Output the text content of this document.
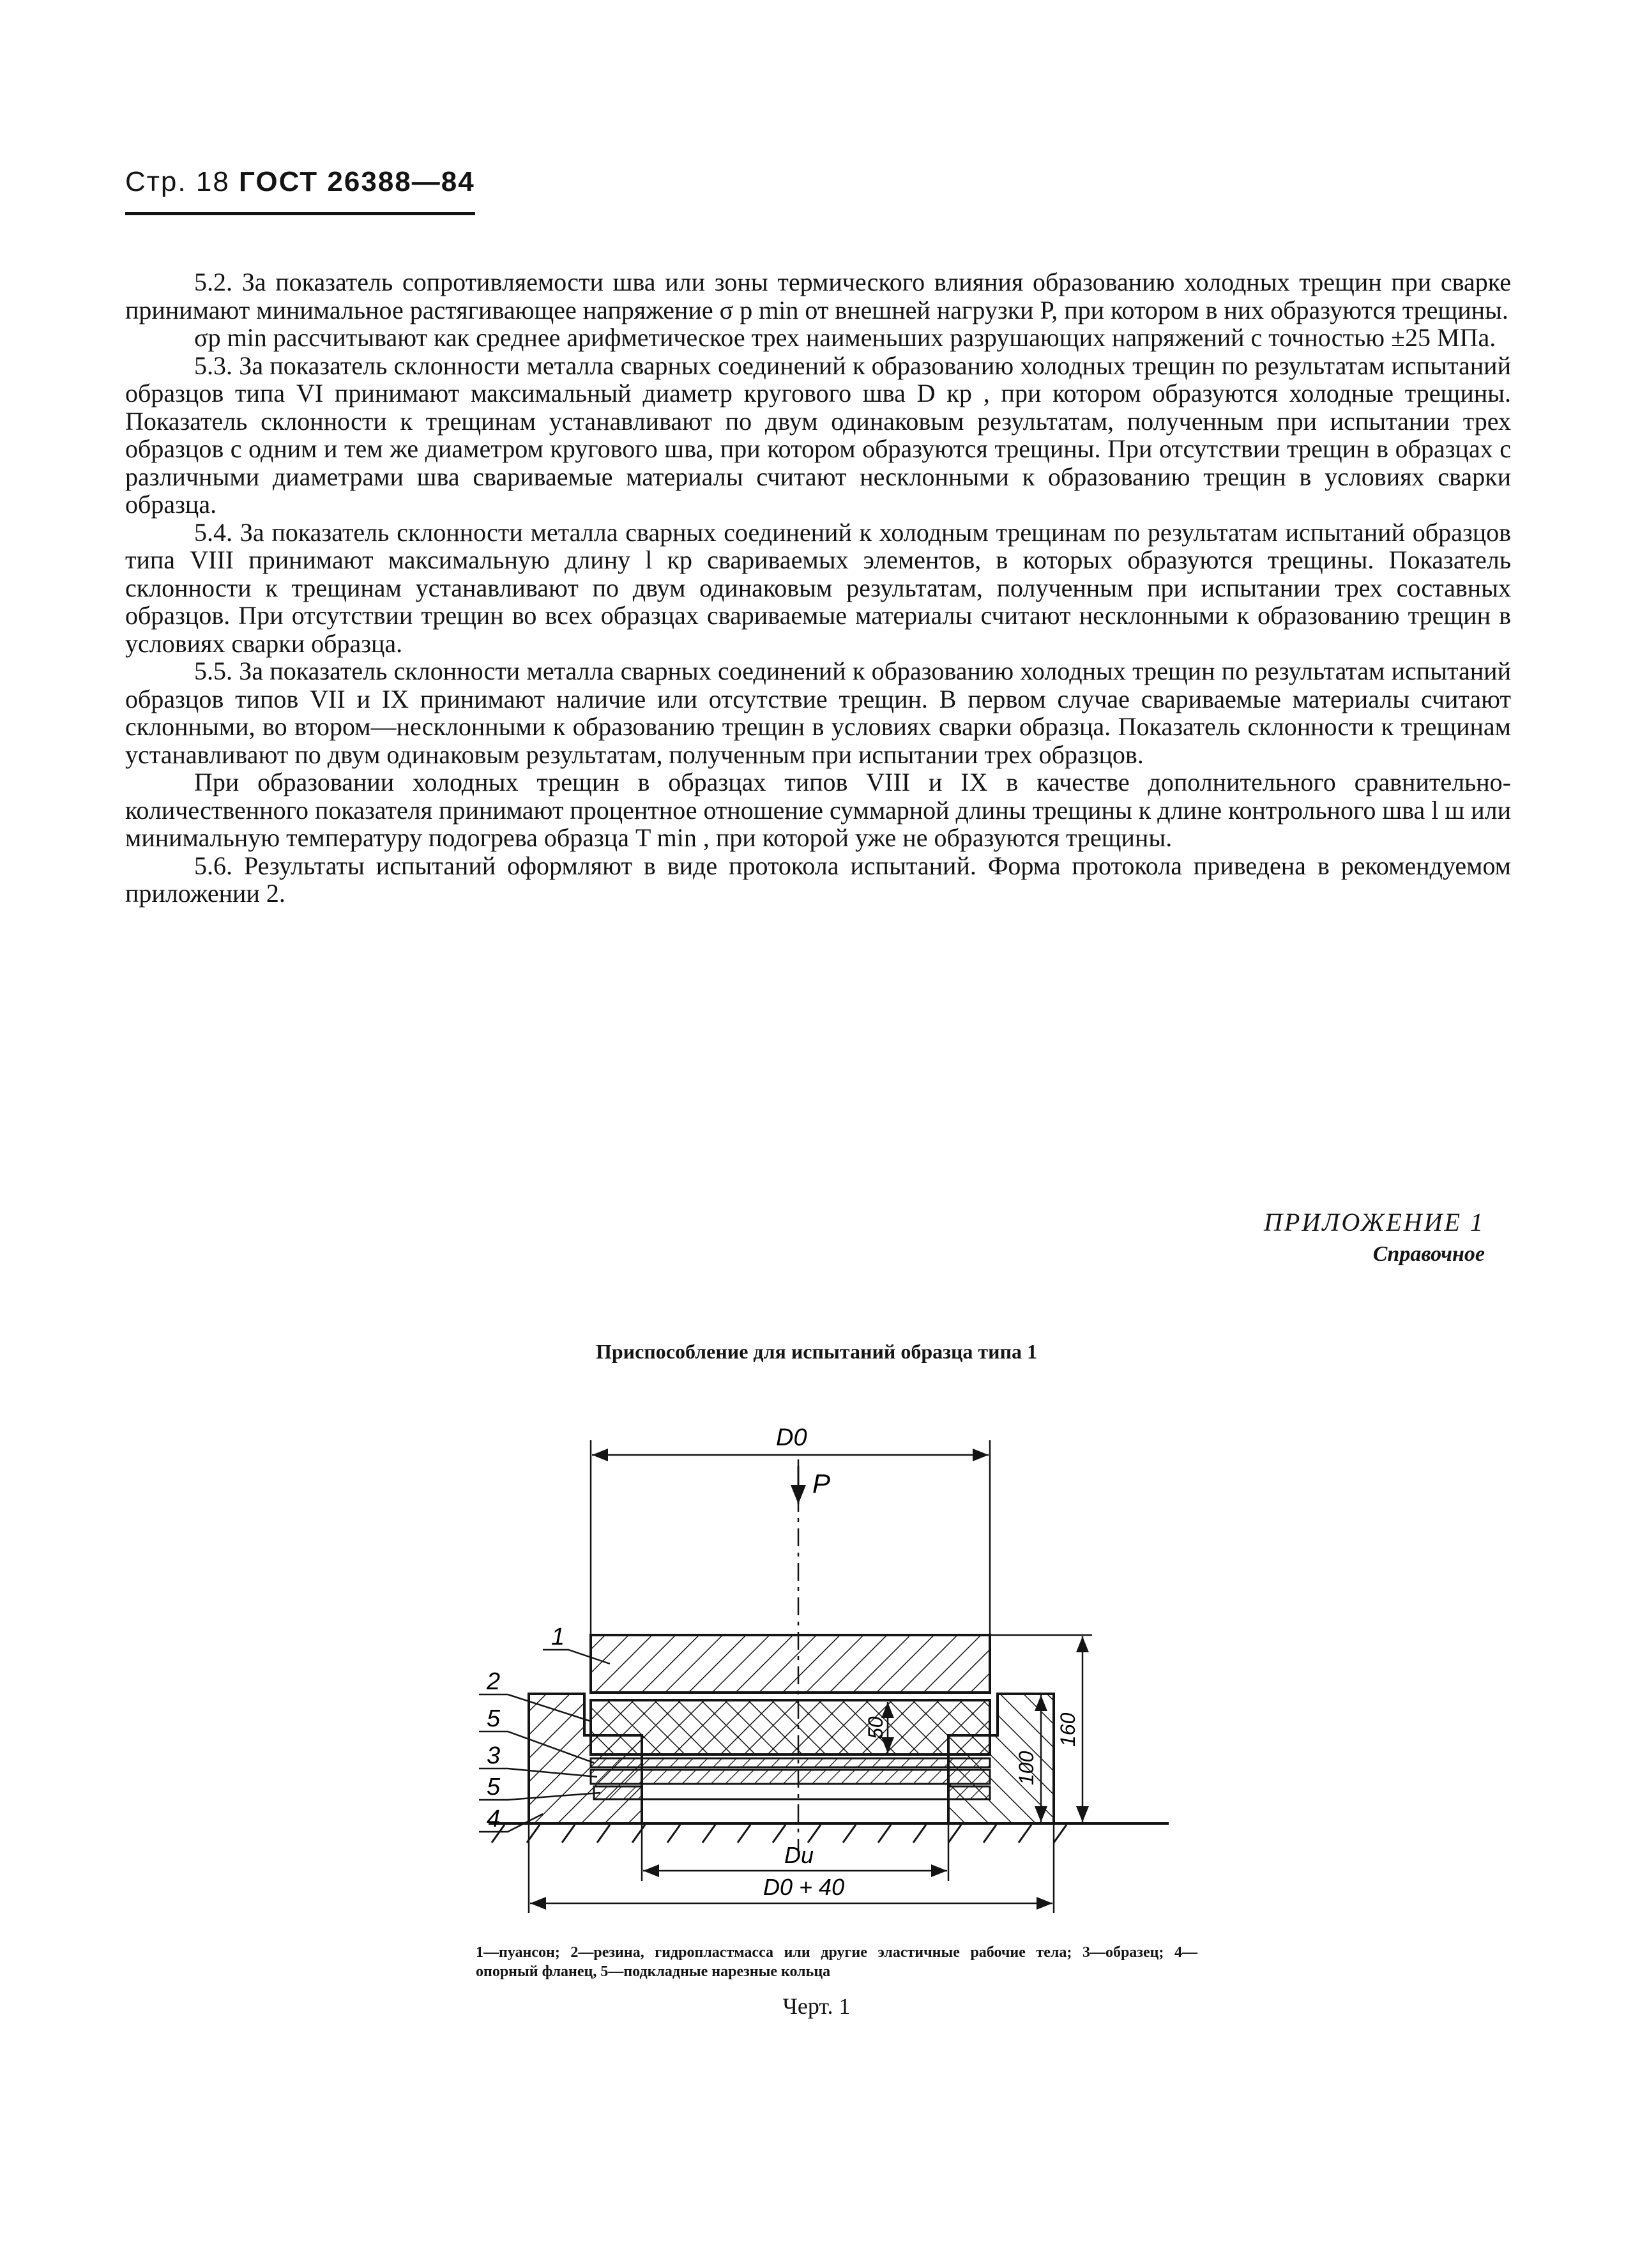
Стр. 18 ГОСТ 26388—84

5.2. За показатель сопротивляемости шва или зоны термического влияния образованию холодных трещин при сварке принимают минимальное растягивающее напряжение σ p min от внешней нагрузки P, при котором в них образуются трещины.

σp min рассчитывают как среднее арифметическое трех наименьших разрушающих напряжений с точностью ±25 МПа.

5.3. За показатель склонности металла сварных соединений к образованию холодных трещин по результатам испытаний образцов типа VI принимают максимальный диаметр кругового шва D кр , при котором образуются холодные трещины. Показатель склонности к трещинам устанавливают по двум одинаковым результатам, полученным при испытании трех образцов с одним и тем же диаметром кругового шва, при котором образуются трещины. При отсутствии трещин в образцах с различными диаметрами шва свариваемые материалы считают несклонными к образованию трещин в условиях сварки образца.

5.4. За показатель склонности металла сварных соединений к холодным трещинам по результатам испытаний образцов типа VIII принимают максимальную длину l кр свариваемых элементов, в которых образуются трещины. Показатель склонности к трещинам устанавливают по двум одинаковым результатам, полученным при испытании трех составных образцов. При отсутствии трещин во всех образцах свариваемые материалы считают несклонными к образованию трещин в условиях сварки образца.

5.5. За показатель склонности металла сварных соединений к образованию холодных трещин по результатам испытаний образцов типов VII и IX принимают наличие или отсутствие трещин. В первом случае свариваемые материалы считают склонными, во втором—несклонными к образованию трещин в условиях сварки образца. Показатель склонности к трещинам устанавливают по двум одинаковым результатам, полученным при испытании трех образцов.

При образовании холодных трещин в образцах типов VIII и IX в качестве дополнительного сравнительно-количественного показателя принимают процентное отношение суммарной длины трещины к длине контрольного шва l ш или минимальную температуру подогрева образца T min , при которой уже не образуются трещины.

5.6. Результаты испытаний оформляют в виде протокола испытаний. Форма протокола приведена в рекомендуемом приложении 2.

ПРИЛОЖЕНИЕ 1
Справочное
Приспособление для испытаний образца типа 1
P
D0
50
100
160
Dи
D0 + 40
1
2
5
3
5
4
1—пуансон; 2—резина, гидропластмасса или другие эластичные рабочие тела; 3—образец; 4—опорный фланец, 5—подкладные нарезные кольца
Черт. 1
